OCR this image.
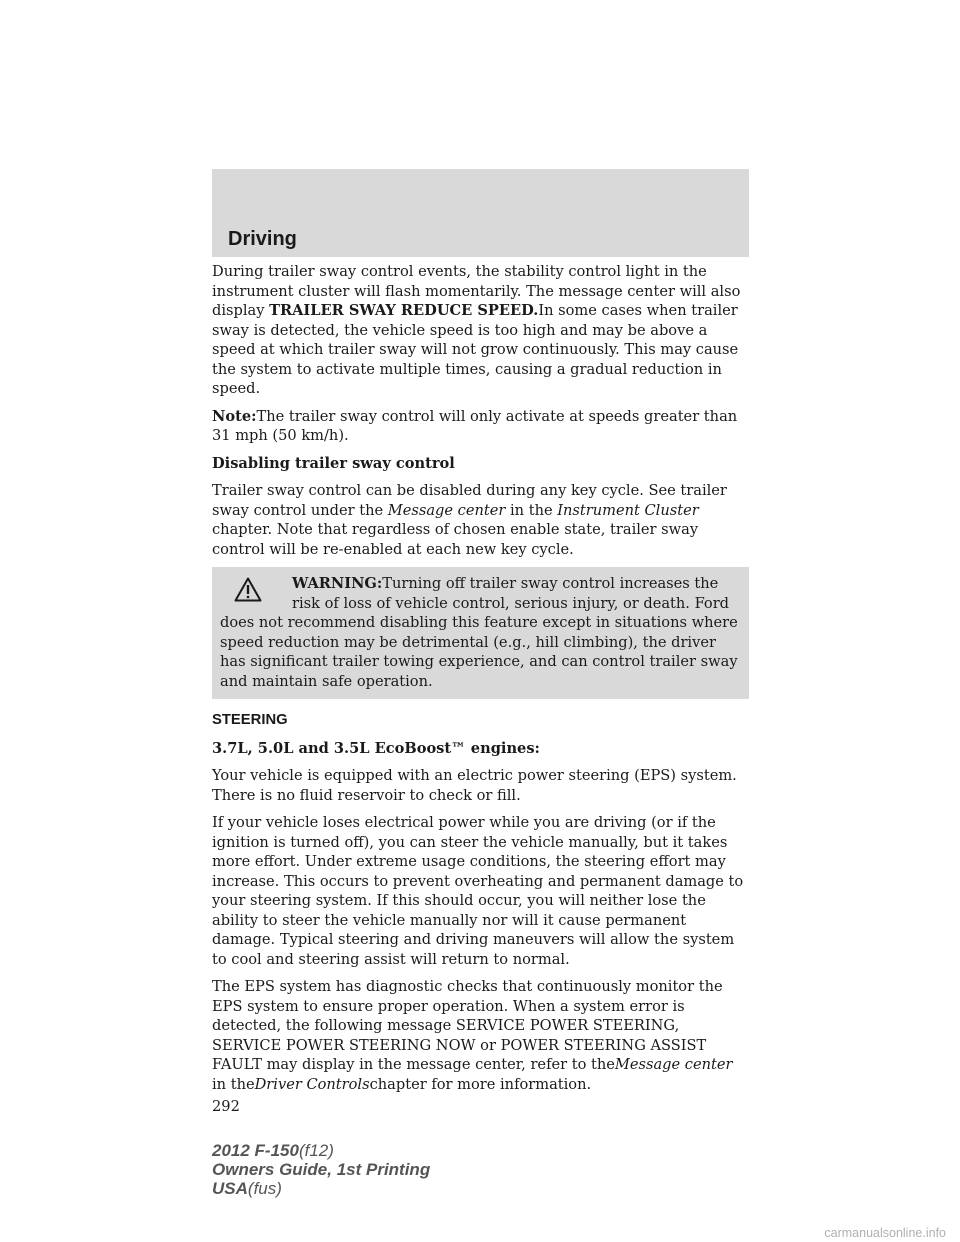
Driving

During trailer sway control events, the stability control light in the instrument cluster will flash momentarily. The message center will also display TRAILER SWAY REDUCE SPEED.In some cases when trailer sway is detected, the vehicle speed is too high and may be above a speed at which trailer sway will not grow continuously. This may cause the system to activate multiple times, causing a gradual reduction in speed.

Note:The trailer sway control will only activate at speeds greater than 31 mph (50 km/h).

Disabling trailer sway control

Trailer sway control can be disabled during any key cycle. See trailer sway control under the Message center in the Instrument Cluster chapter. Note that regardless of chosen enable state, trailer sway control will be re-enabled at each new key cycle.

WARNING:Turning off trailer sway control increases the risk of loss of vehicle control, serious injury, or death. Ford does not recommend disabling this feature except in situations where speed reduction may be detrimental (e.g., hill climbing), the driver has significant trailer towing experience, and can control trailer sway and maintain safe operation.
STEERING

3.7L, 5.0L and 3.5L EcoBoost™ engines:

Your vehicle is equipped with an electric power steering (EPS) system. There is no fluid reservoir to check or fill.

If your vehicle loses electrical power while you are driving (or if the ignition is turned off), you can steer the vehicle manually, but it takes more effort. Under extreme usage conditions, the steering effort may increase. This occurs to prevent overheating and permanent damage to your steering system. If this should occur, you will neither lose the ability to steer the vehicle manually nor will it cause permanent damage. Typical steering and driving maneuvers will allow the system to cool and steering assist will return to normal.

The EPS system has diagnostic checks that continuously monitor the EPS system to ensure proper operation. When a system error is detected, the following message SERVICE POWER STEERING, SERVICE POWER STEERING NOW or POWER STEERING ASSIST FAULT may display in the message center, refer to theMessage center in theDriver Controlschapter for more information.

292
2012 F-150(f12)
Owners Guide, 1st Printing
USA(fus)
carmanualsonline.info
